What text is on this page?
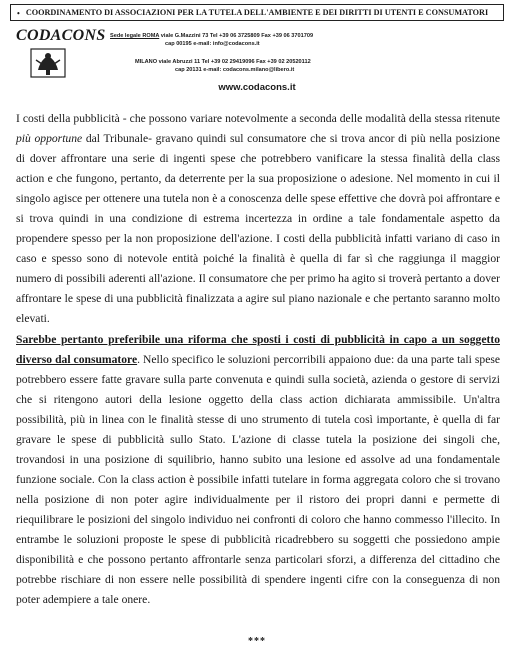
• COORDINAMENTO DI ASSOCIAZIONI PER LA TUTELA DELL'AMBIENTE E DEI DIRITTI DI UTENTI E CONSUMATORI
CODACONS Sede legale ROMA viale G.Mazzini 73 Tel +39 06 3725809 Fax +39 06 3701709
cap 00195 e-mail: info@codacons.it
MILANO viale Abruzzi 11 Tel +39 02 29419096 Fax +39 02 20520112
cap 20131 e-mail: codacons.milano@libero.it
www.codacons.it

I costi della pubblicità - che possono variare notevolmente a seconda delle modalità della stessa ritenute più opportune dal Tribunale- gravano quindi sul consumatore che si trova ancor di più nella posizione di dover affrontare una serie di ingenti spese che potrebbero vanificare la stessa finalità della class action e che fungono, pertanto, da deterrente per la sua proposizione o adesione. Nel momento in cui il singolo agisce per ottenere una tutela non è a conoscenza delle spese effettive che dovrà poi affrontare e si trova quindi in una condizione di estrema incertezza in ordine a tale fondamentale aspetto da propendere spesso per la non proposizione dell'azione. I costi della pubblicità infatti variano di caso in caso e spesso sono di notevole entità poiché la finalità è quella di far sì che raggiunga il maggior numero di possibili aderenti all'azione. Il consumatore che per primo ha agito si troverà pertanto a dover affrontare le spese di una pubblicità finalizzata a agire sul piano nazionale e che pertanto saranno molto elevati.

Sarebbe pertanto preferibile una riforma che sposti i costi di pubblicità in capo a un soggetto diverso dal consumatore. Nello specifico le soluzioni percorribili appaiono due: da una parte tali spese potrebbero essere fatte gravare sulla parte convenuta e quindi sulla società, azienda o gestore di servizi che si ritengono autori della lesione oggetto della class action dichiarata ammissibile. Un'altra possibilità, più in linea con le finalità stesse di uno strumento di tutela così importante, è quella di far gravare le spese di pubblicità sullo Stato. L'azione di classe tutela la posizione dei singoli che, trovandosi in una posizione di squilibrio, hanno subito una lesione ed assolve ad una fondamentale funzione sociale. Con la class action è possibile infatti tutelare in forma aggregata coloro che si trovano nella posizione di non poter agire individualmente per il ristoro dei propri danni e permette di riequilibrare le posizioni del singolo individuo nei confronti di coloro che hanno commesso l'illecito. In entrambe le soluzioni proposte le spese di pubblicità ricadrebbero su soggetti che possiedono ampie disponibilità e che possono pertanto affrontarle senza particolari sforzi, a differenza del cittadino che potrebbe rischiare di non essere nelle possibilità di spendere ingenti cifre con la conseguenza di non poter adempiere a tale onere.

***
